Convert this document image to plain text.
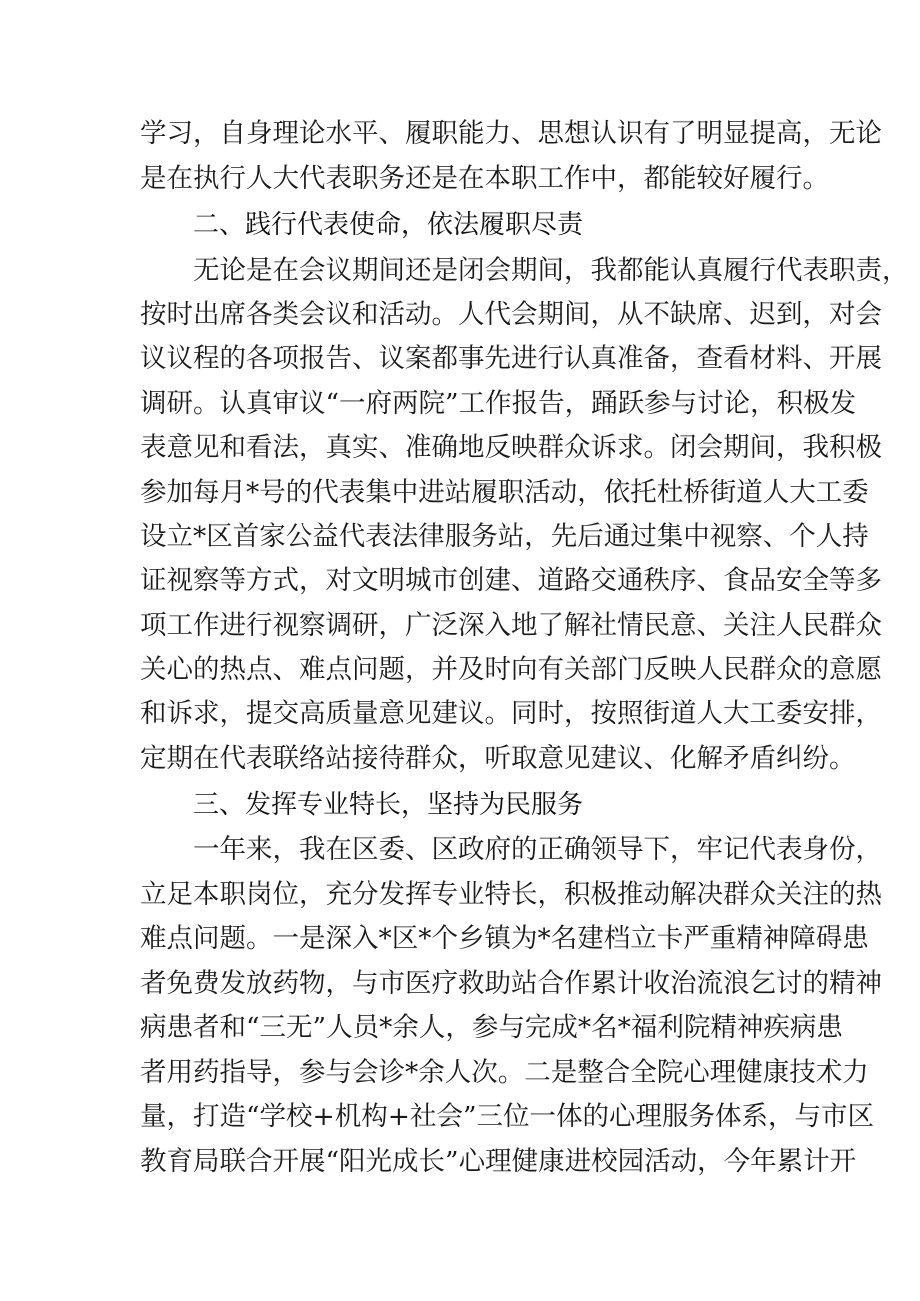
学习，自身理论水平、履职能力、思想认识有了明显提高，无论
是在执行人大代表职务还是在本职工作中，都能较好履行。
二、践行代表使命，依法履职尽责
无论是在会议期间还是闭会期间，我都能认真履行代表职责，
按时出席各类会议和活动。人代会期间，从不缺席、迟到，对会
议议程的各项报告、议案都事先进行认真准备，查看材料、开展
调研。认真审议“一府两院”工作报告，踊跃参与讨论，积极发
表意见和看法，真实、准确地反映群众诉求。闭会期间，我积极
参加每月*号的代表集中进站履职活动，依托杜桥街道人大工委
设立*区首家公益代表法律服务站，先后通过集中视察、个人持
证视察等方式，对文明城市创建、道路交通秩序、食品安全等多
项工作进行视察调研，广泛深入地了解社情民意、关注人民群众
关心的热点、难点问题，并及时向有关部门反映人民群众的意愿
和诉求，提交高质量意见建议。同时，按照街道人大工委安排，
定期在代表联络站接待群众，听取意见建议、化解矛盾纠纷。
三、发挥专业特长，坚持为民服务
一年来，我在区委、区政府的正确领导下，牢记代表身份，
立足本职岗位，充分发挥专业特长，积极推动解决群众关注的热
难点问题。一是深入*区*个乡镇为*名建档立卡严重精神障碍患
者免费发放药物，与市医疗救助站合作累计收治流浪乞讨的精神
病患者和“三无”人员*余人，参与完成*名*福利院精神疾病患
者用药指导，参与会诊*余人次。二是整合全院心理健康技术力
量，打造“学校+机构+社会”三位一体的心理服务体系，与市区
教育局联合开展“阳光成长”心理健康进校园活动，今年累计开
